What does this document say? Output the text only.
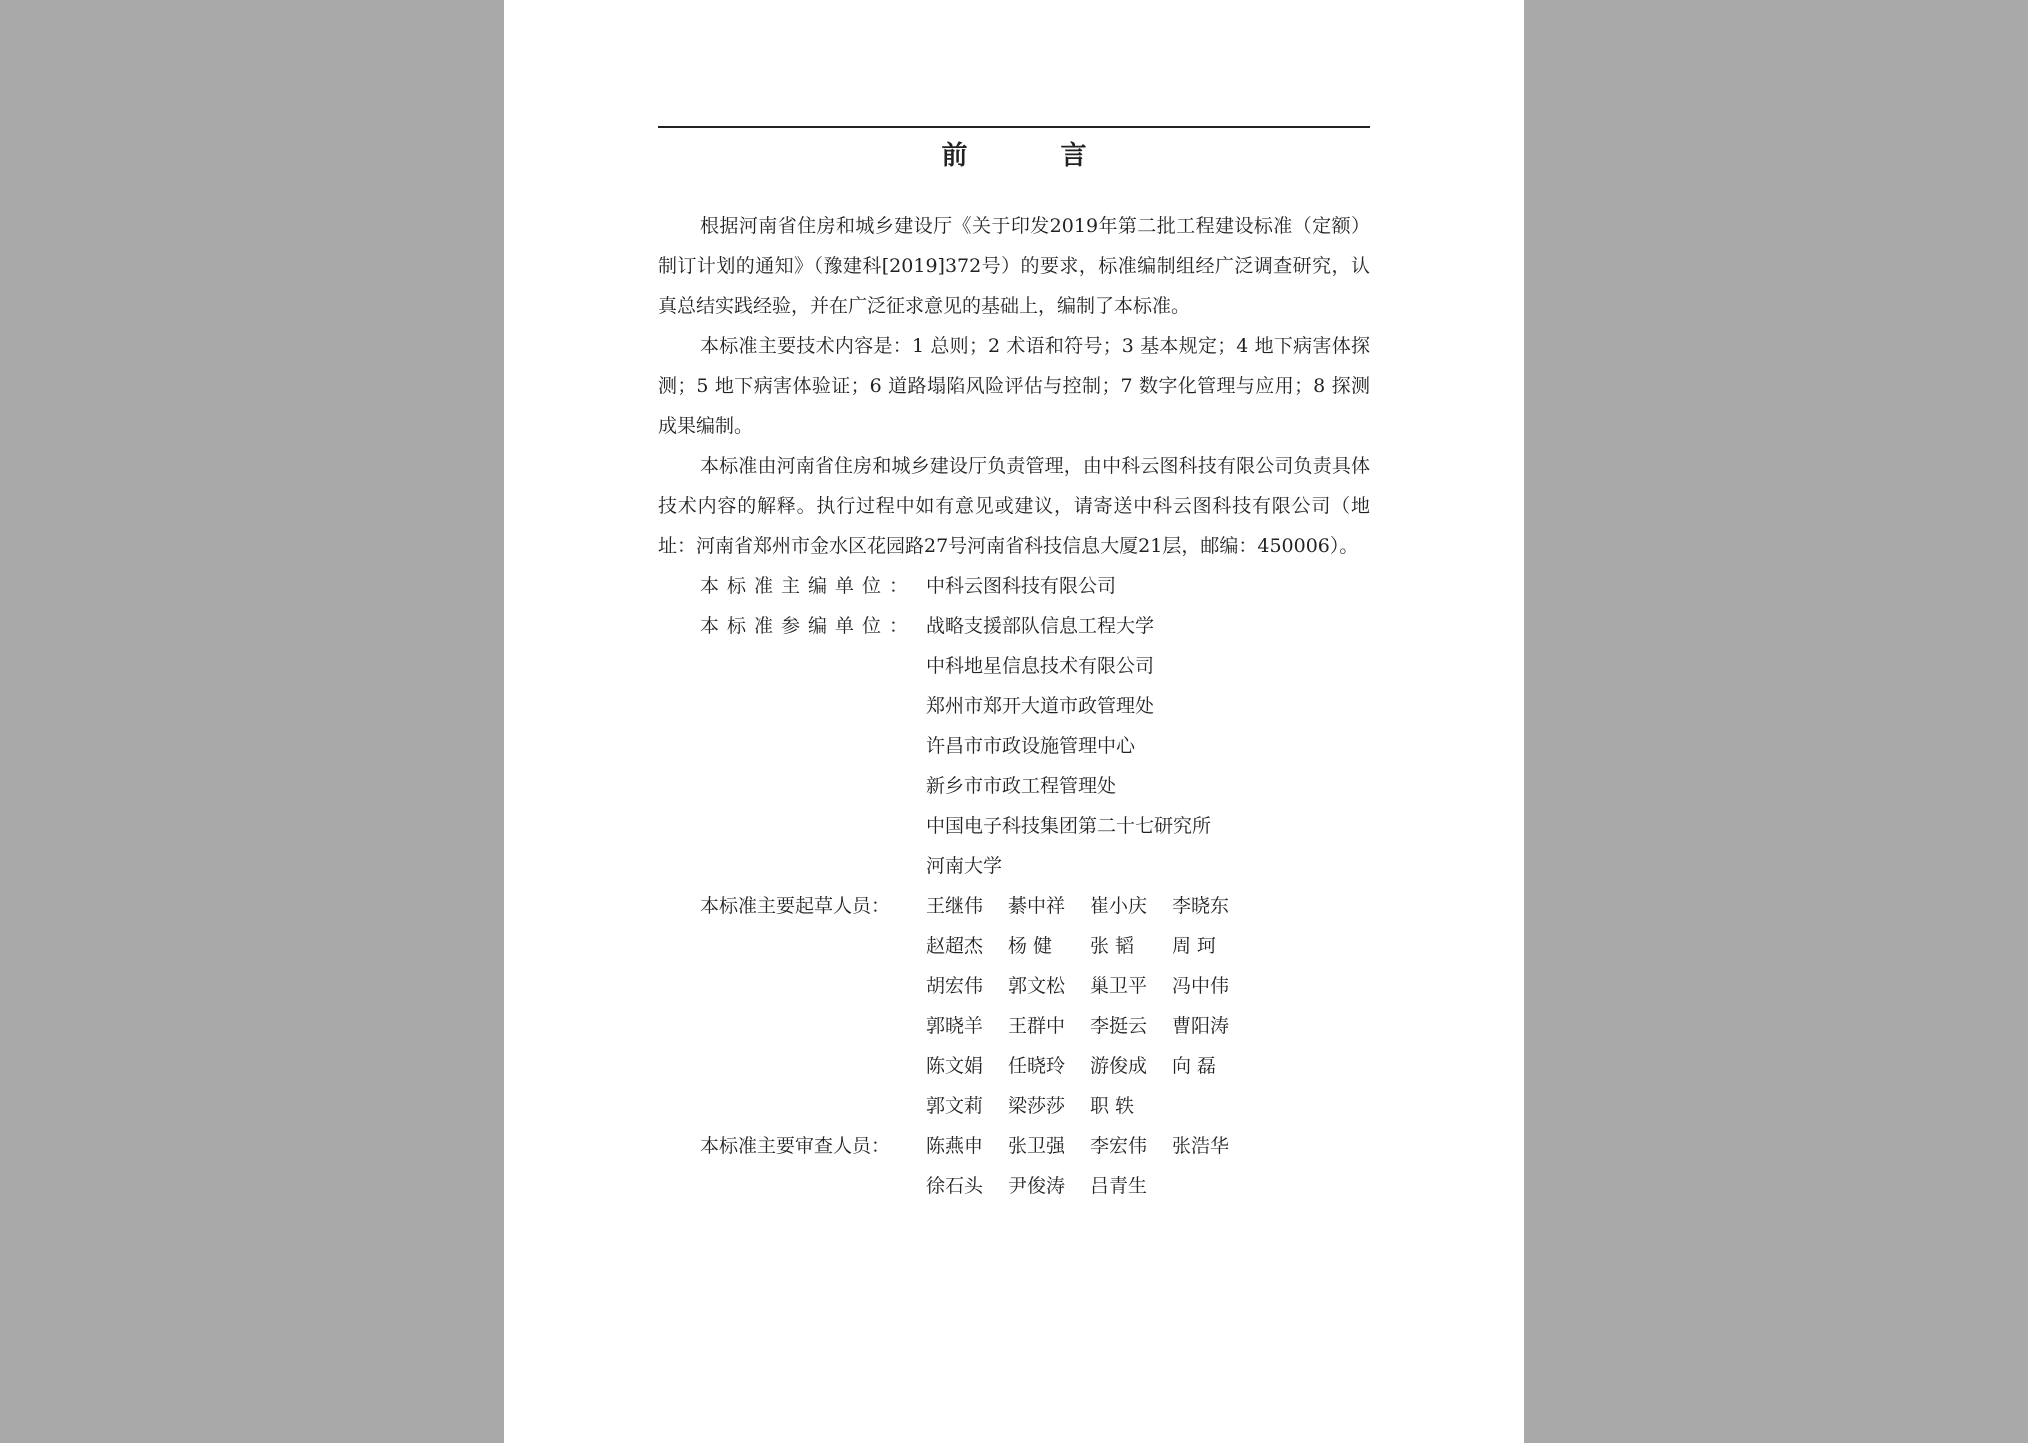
前 言

根据河南省住房和城乡建设厅《关于印发2019年第二批工程建设标准（定额）制订计划的通知》（豫建科[2019]372号）的要求，标准编制组经广泛调查研究，认真总结实践经验，并在广泛征求意见的基础上，编制了本标准。

本标准主要技术内容是：1 总则；2 术语和符号；3 基本规定；4 地下病害体探测；5 地下病害体验证；6 道路塌陷风险评估与控制；7 数字化管理与应用；8 探测成果编制。

本标准由河南省住房和城乡建设厅负责管理，由中科云图科技有限公司负责具体技术内容的解释。执行过程中如有意见或建议，请寄送中科云图科技有限公司（地址：河南省郑州市金水区花园路27号河南省科技信息大厦21层，邮编：450006）。

本标准主编单位： 中科云图科技有限公司
本标准参编单位： 战略支援部队信息工程大学
中科地星信息技术有限公司
郑州市郑开大道市政管理处
许昌市市政设施管理中心
新乡市市政工程管理处
中国电子科技集团第二十七研究所
河南大学
本标准主要起草人员： 王继伟	綦中祥	崔小庆	李晓东
赵超杰	杨 健	张 韬	周 珂
胡宏伟	郭文松	巢卫平	冯中伟
郭晓羊	王群中	李挺云	曹阳涛
陈文娟	任晓玲	游俊成	向 磊
郭文莉	梁莎莎	职 轶
本标准主要审查人员： 陈燕申	张卫强	李宏伟	张浩华
徐石头	尹俊涛	吕青生
